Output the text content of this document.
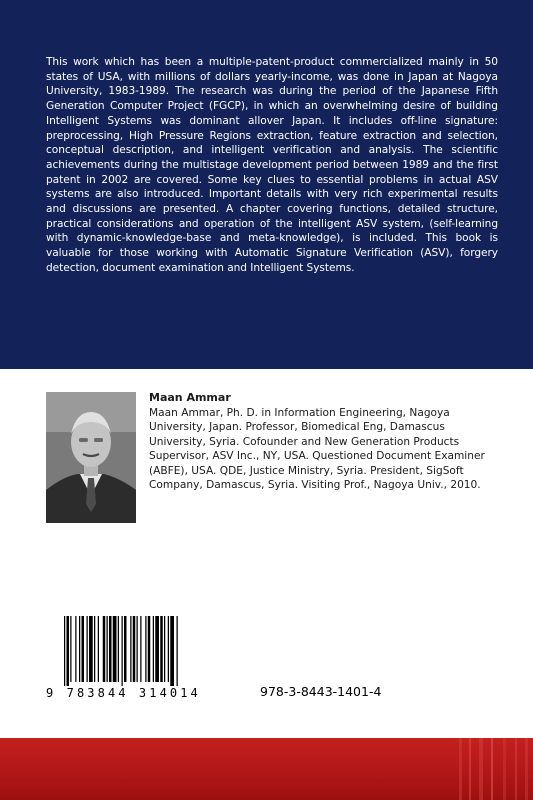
This work which has been a multiple-patent-product commercialized mainly in 50 states of USA, with millions of dollars yearly-income, was done in Japan at Nagoya University, 1983-1989. The research was during the period of the Japanese Fifth Generation Computer Project (FGCP), in which an overwhelming desire of building Intelligent Systems was dominant allover Japan. It includes off-line signature: preprocessing, High Pressure Regions extraction, feature extraction and selection, conceptual description, and intelligent verification and analysis. The scientific achievements during the multistage development period between 1989 and the first patent in 2002 are covered. Some key clues to essential problems in actual ASV systems are also introduced. Important details with very rich experimental results and discussions are presented. A chapter covering functions, detailed structure, practical considerations and operation of the intelligent ASV system, (self-learning with dynamic-knowledge-base and meta-knowledge), is included. This book is valuable for those working with Automatic Signature Verification (ASV), forgery detection, document examination and Intelligent Systems.

Maan Ammar

Maan Ammar, Ph. D. in Information Engineering, Nagoya University, Japan. Professor, Biomedical Eng, Damascus University, Syria. Cofounder and New Generation Products Supervisor, ASV Inc., NY, USA. Questioned Document Examiner (ABFE), USA. QDE, Justice Ministry, Syria. President, SigSoft Company, Damascus, Syria. Visiting Prof., Nagoya Univ., 2010.

9 783844 314014	978-3-8443-1401-4
